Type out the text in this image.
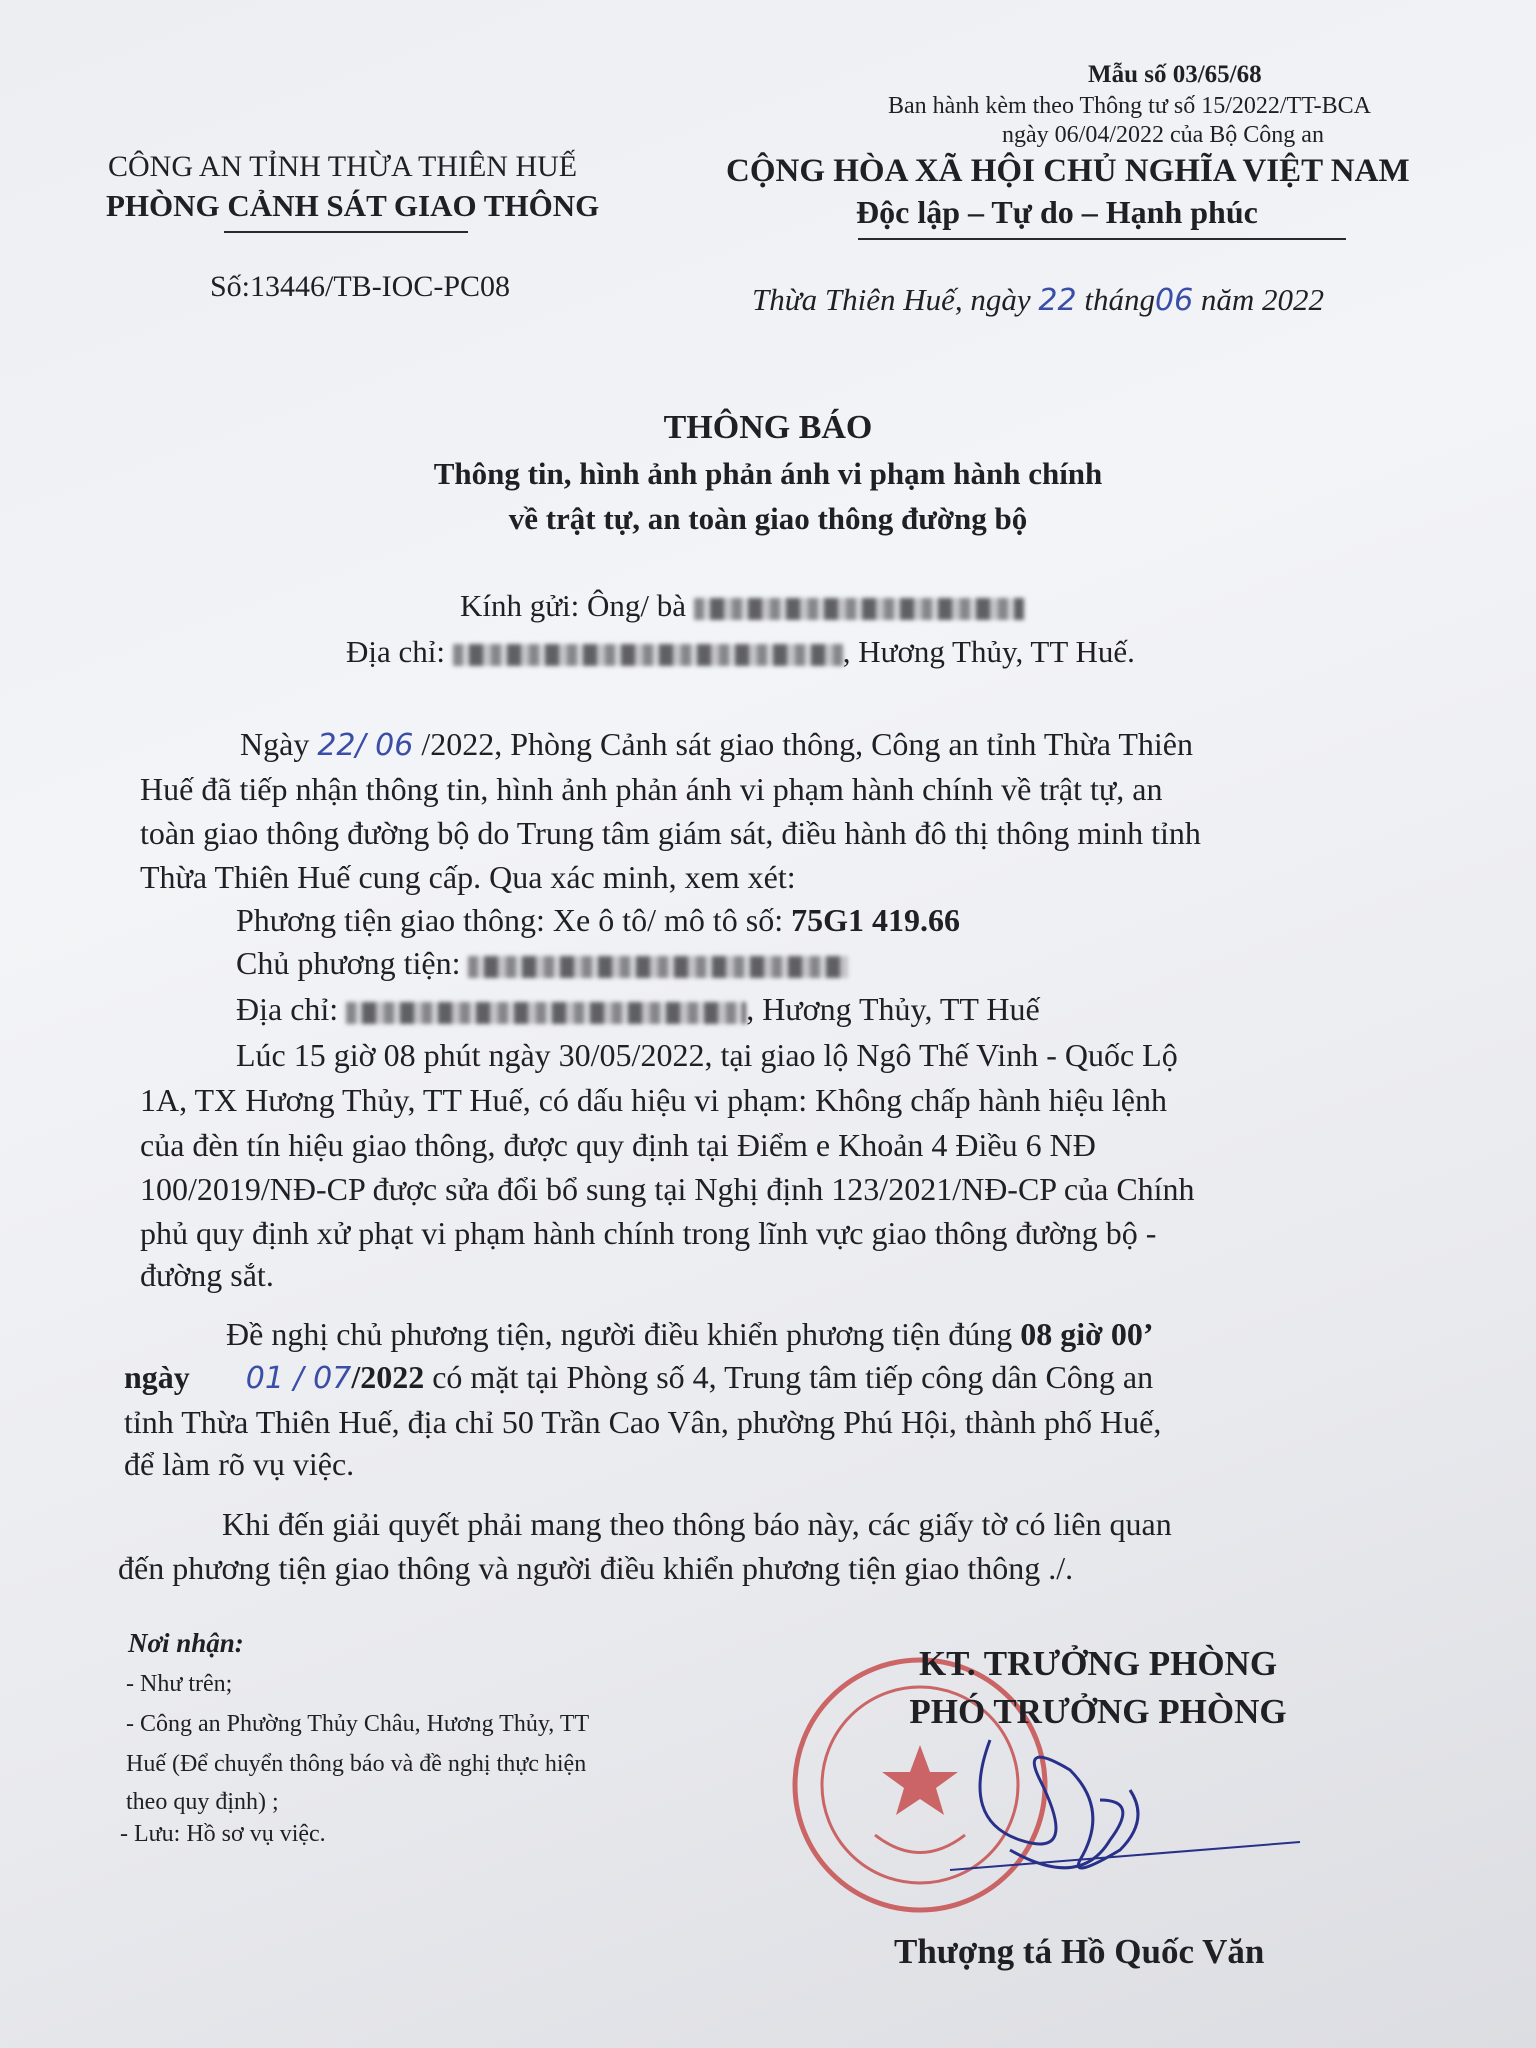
Mẫu số 03/65/68
Ban hành kèm theo Thông tư số 15/2022/TT-BCA
ngày 06/04/2022 của Bộ Công an
CÔNG AN TỈNH THỪA THIÊN HUẾ
PHÒNG CẢNH SÁT GIAO THÔNG
Số:13446/TB-IOC-PC08
CỘNG HÒA XÃ HỘI CHỦ NGHĨA VIỆT NAM
Độc lập – Tự do – Hạnh phúc
Thừa Thiên Huế, ngày 22 tháng06 năm 2022
THÔNG BÁO
Thông tin, hình ảnh phản ánh vi phạm hành chính
về trật tự, an toàn giao thông đường bộ
Kính gửi: Ông/ bà
Địa chỉ:	, Hương Thủy, TT Huế.
Ngày 22/ 06 /2022, Phòng Cảnh sát giao thông, Công an tỉnh Thừa Thiên
Huế đã tiếp nhận thông tin, hình ảnh phản ánh vi phạm hành chính về trật tự, an
toàn giao thông đường bộ do Trung tâm giám sát, điều hành đô thị thông minh tỉnh
Thừa Thiên Huế cung cấp. Qua xác minh, xem xét:
Phương tiện giao thông: Xe ô tô/ mô tô số: 75G1 419.66
Chủ phương tiện:
Địa chỉ:	, Hương Thủy, TT Huế
Lúc 15 giờ 08 phút ngày 30/05/2022, tại giao lộ Ngô Thế Vinh - Quốc Lộ
1A, TX Hương Thủy, TT Huế, có dấu hiệu vi phạm: Không chấp hành hiệu lệnh
của đèn tín hiệu giao thông, được quy định tại Điểm e Khoản 4 Điều 6 NĐ
100/2019/NĐ-CP được sửa đổi bổ sung tại Nghị định 123/2021/NĐ-CP của Chính
phủ quy định xử phạt vi phạm hành chính trong lĩnh vực giao thông đường bộ -
đường sắt.
Đề nghị chủ phương tiện, người điều khiển phương tiện đúng 08 giờ 00’
ngày 01 / 07/2022 có mặt tại Phòng số 4, Trung tâm tiếp công dân Công an
tỉnh Thừa Thiên Huế, địa chỉ 50 Trần Cao Vân, phường Phú Hội, thành phố Huế,
để làm rõ vụ việc.
Khi đến giải quyết phải mang theo thông báo này, các giấy tờ có liên quan
đến phương tiện giao thông và người điều khiển phương tiện giao thông ./.
Nơi nhận:
- Như trên;
- Công an Phường Thủy Châu, Hương Thủy, TT
Huế (Để chuyển thông báo và đề nghị thực hiện
theo quy định) ;
- Lưu: Hồ sơ vụ việc.
KT. TRƯỞNG PHÒNG
PHÓ TRƯỞNG PHÒNG
Thượng tá Hồ Quốc Văn
